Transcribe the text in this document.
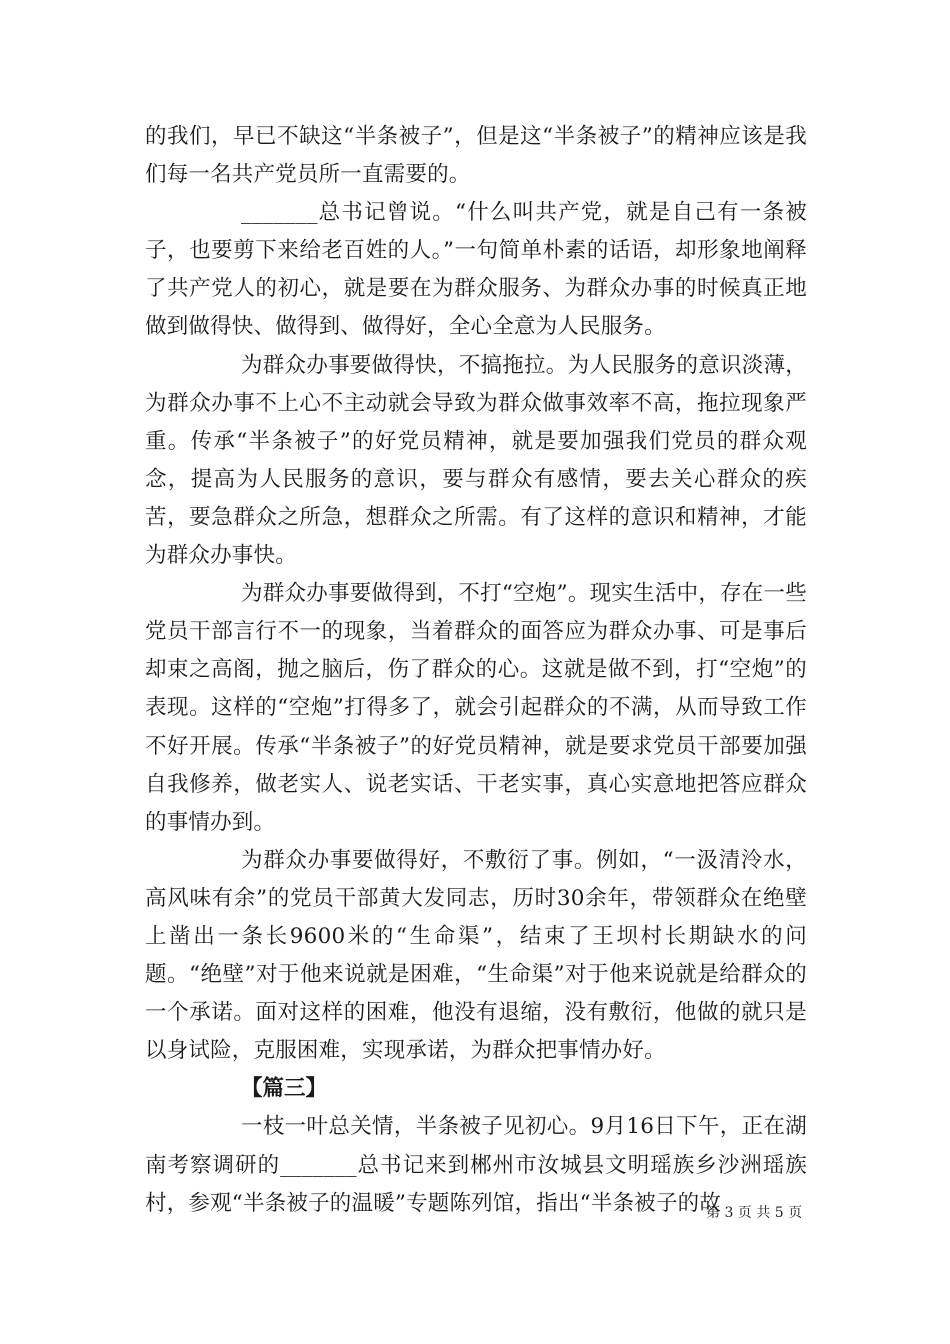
的我们，早已不缺这“半条被子”，但是这“半条被子”的精神应该是我们每一名共产党员所一直需要的。

_______总书记曾说。“什么叫共产党，就是自己有一条被子，也要剪下来给老百姓的人。”一句简单朴素的话语，却形象地阐释了共产党人的初心，就是要在为群众服务、为群众办事的时候真正地做到做得快、做得到、做得好，全心全意为人民服务。

为群众办事要做得快，不搞拖拉。为人民服务的意识淡薄，为群众办事不上心不主动就会导致为群众做事效率不高，拖拉现象严重。传承“半条被子”的好党员精神，就是要加强我们党员的群众观念，提高为人民服务的意识，要与群众有感情，要去关心群众的疾苦，要急群众之所急，想群众之所需。有了这样的意识和精神，才能为群众办事快。

为群众办事要做得到，不打“空炮”。现实生活中，存在一些党员干部言行不一的现象，当着群众的面答应为群众办事、可是事后却束之高阁，抛之脑后，伤了群众的心。这就是做不到，打“空炮”的表现。这样的“空炮”打得多了，就会引起群众的不满，从而导致工作不好开展。传承“半条被子”的好党员精神，就是要求党员干部要加强自我修养，做老实人、说老实话、干老实事，真心实意地把答应群众的事情办到。

为群众办事要做得好，不敷衍了事。例如，“一汲清泠水，高风味有余”的党员干部黄大发同志，历时30余年，带领群众在绝壁上凿出一条长9600米的“生命渠”，结束了王坝村长期缺水的问题。“绝壁”对于他来说就是困难，“生命渠”对于他来说就是给群众的一个承诺。面对这样的困难，他没有退缩，没有敷衍，他做的就只是以身试险，克服困难，实现承诺，为群众把事情办好。

【篇三】

一枝一叶总关情，半条被子见初心。9月16日下午，正在湖南考察调研的_______总书记来到郴州市汝城县文明瑶族乡沙洲瑶族村，参观“半条被子的温暖”专题陈列馆，指出“半条被子的故

第 3 页 共 5 页
